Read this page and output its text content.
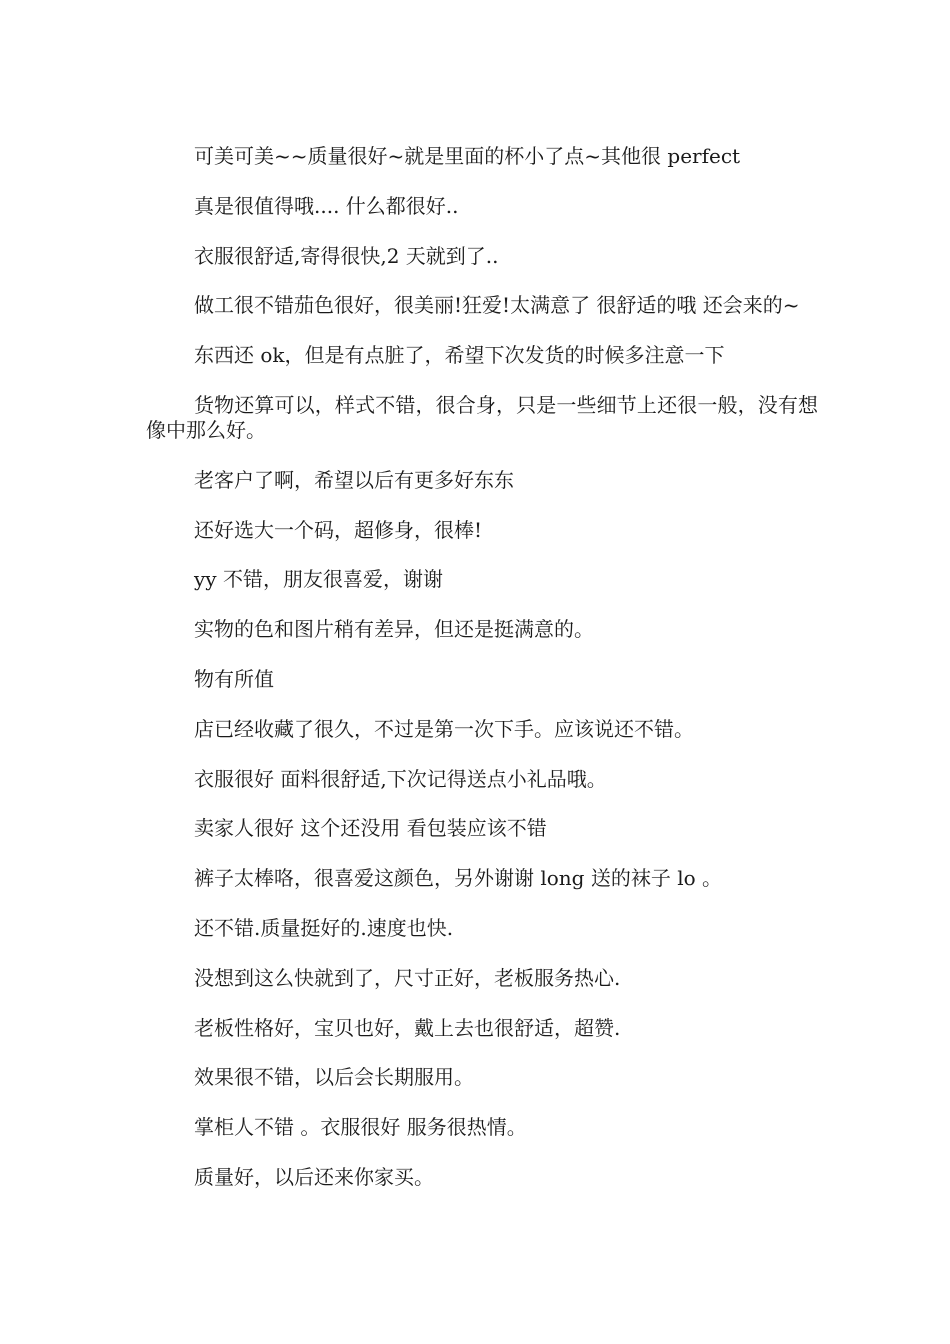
可美可美~~质量很好~就是里面的杯小了点~其他很 perfect

真是很值得哦.... 什么都很好..

衣服很舒适,寄得很快,2 天就到了..

做工很不错茄色很好，很美丽!狂爱!太满意了 很舒适的哦 还会来的~

东西还 ok，但是有点脏了，希望下次发货的时候多注意一下

货物还算可以，样式不错，很合身，只是一些细节上还很一般，没有想像中那么好。

老客户了啊，希望以后有更多好东东

还好选大一个码，超修身，很棒!

yy 不错，朋友很喜爱，谢谢

实物的色和图片稍有差异，但还是挺满意的。

物有所值

店已经收藏了很久，不过是第一次下手。应该说还不错。

衣服很好 面料很舒适,下次记得送点小礼品哦。

卖家人很好 这个还没用 看包装应该不错

裤子太棒咯，很喜爱这颜色，另外谢谢 long 送的袜子 lo 。

还不错.质量挺好的.速度也快.

没想到这么快就到了，尺寸正好，老板服务热心.

老板性格好，宝贝也好，戴上去也很舒适，超赞.

效果很不错，以后会长期服用。

掌柜人不错 。衣服很好 服务很热情。

质量好，以后还来你家买。
